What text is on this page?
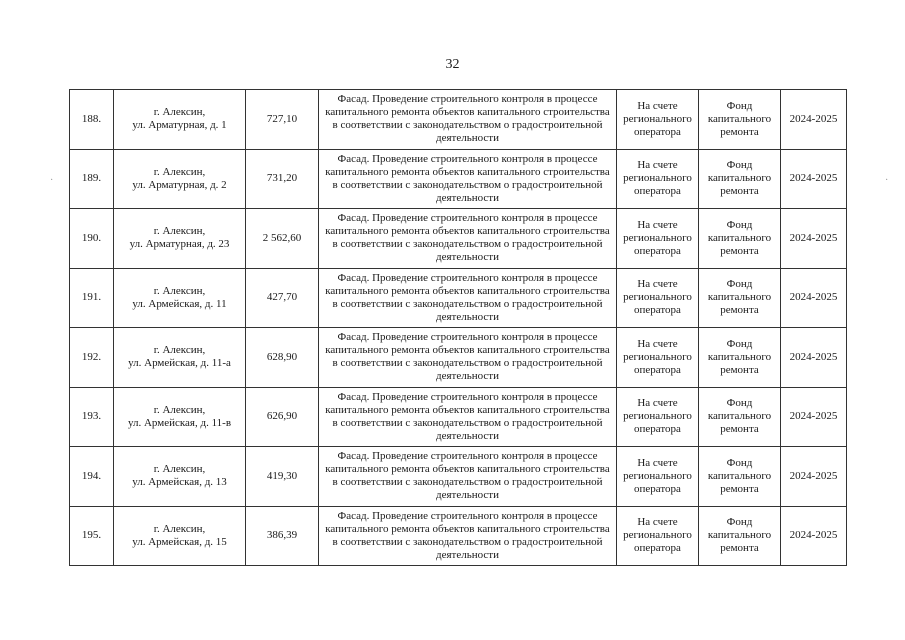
32
·	·
188.	г. Алексин,
ул. Арматурная, д. 1	727,10	Фасад. Проведение строительного контроля в процессе капитального ремонта объектов капитального строительства в соответствии с законодательством о градостроительной деятельности	На счете регионального оператора	Фонд капитального ремонта	2024-2025
189.	г. Алексин,
ул. Арматурная, д. 2	731,20	Фасад. Проведение строительного контроля в процессе капитального ремонта объектов капитального строительства в соответствии с законодательством о градостроительной деятельности	На счете регионального оператора	Фонд капитального ремонта	2024-2025
190.	г. Алексин,
ул. Арматурная, д. 23	2 562,60	Фасад. Проведение строительного контроля в процессе капитального ремонта объектов капитального строительства в соответствии с законодательством о градостроительной деятельности	На счете регионального оператора	Фонд капитального ремонта	2024-2025
191.	г. Алексин,
ул. Армейская, д. 11	427,70	Фасад. Проведение строительного контроля в процессе капитального ремонта объектов капитального строительства в соответствии с законодательством о градостроительной деятельности	На счете регионального оператора	Фонд капитального ремонта	2024-2025
192.	г. Алексин,
ул. Армейская, д. 11-а	628,90	Фасад. Проведение строительного контроля в процессе капитального ремонта объектов капитального строительства в соответствии с законодательством о градостроительной деятельности	На счете регионального оператора	Фонд капитального ремонта	2024-2025
193.	г. Алексин,
ул. Армейская, д. 11-в	626,90	Фасад. Проведение строительного контроля в процессе капитального ремонта объектов капитального строительства в соответствии с законодательством о градостроительной деятельности	На счете регионального оператора	Фонд капитального ремонта	2024-2025
194.	г. Алексин,
ул. Армейская, д. 13	419,30	Фасад. Проведение строительного контроля в процессе капитального ремонта объектов капитального строительства в соответствии с законодательством о градостроительной деятельности	На счете регионального оператора	Фонд капитального ремонта	2024-2025
195.	г. Алексин,
ул. Армейская, д. 15	386,39	Фасад. Проведение строительного контроля в процессе капитального ремонта объектов капитального строительства в соответствии с законодательством о градостроительной деятельности	На счете регионального оператора	Фонд капитального ремонта	2024-2025
